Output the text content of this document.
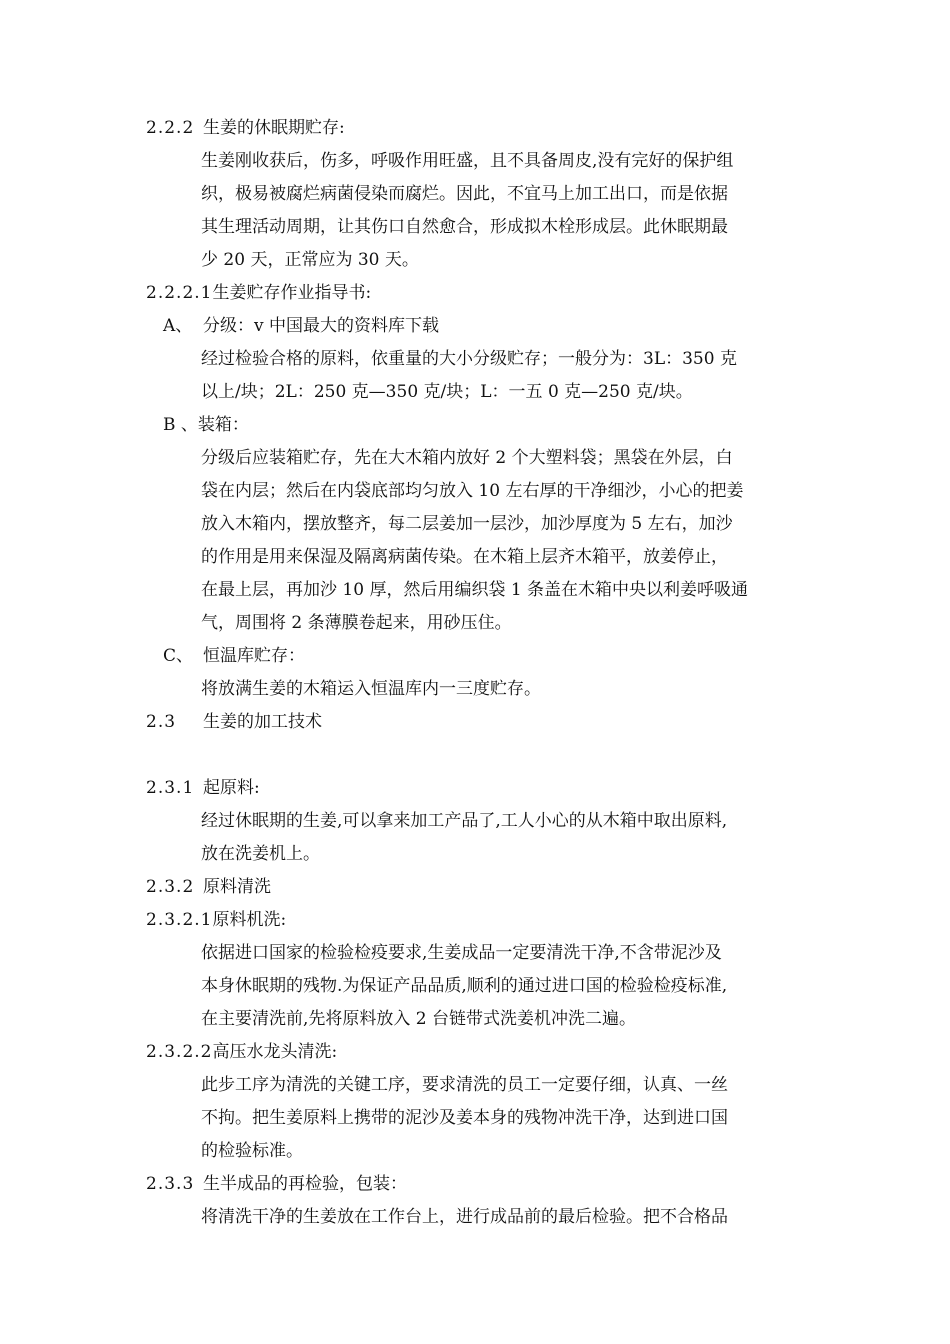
2.2.2 生姜的休眠期贮存:
生姜刚收获后，伤多，呼吸作用旺盛，且不具备周皮,没有完好的保护组
织，极易被腐烂病菌侵染而腐烂。因此，不宜马上加工出口，而是依据
其生理活动周期，让其伤口自然愈合，形成拟木栓形成层。此休眠期最
少 20 天，正常应为 30 天。
2.2.2.1生姜贮存作业指导书:
A、 分级：v 中国最大的资料库下载
经过检验合格的原料，依重量的大小分级贮存；一般分为：3L：350 克
以上/块；2L：250 克—350 克/块；L：一五 0 克—250 克/块。
B 、装箱：
分级后应装箱贮存，先在大木箱内放好 2 个大塑料袋；黑袋在外层，白
袋在内层；然后在内袋底部均匀放入 10 左右厚的干净细沙，小心的把姜
放入木箱内，摆放整齐，每二层姜加一层沙，加沙厚度为 5 左右，加沙
的作用是用来保湿及隔离病菌传染。在木箱上层齐木箱平，放姜停止，
在最上层，再加沙 10 厚，然后用编织袋 1 条盖在木箱中央以利姜呼吸通
气，周围将 2 条薄膜卷起来，用砂压住。
C、 恒温库贮存：
将放满生姜的木箱运入恒温库内一三度贮存。
2.3 生姜的加工技术
2.3.1 起原料:
经过休眠期的生姜,可以拿来加工产品了,工人小心的从木箱中取出原料,
放在洗姜机上。
2.3.2 原料清洗
2.3.2.1原料机洗:
依据进口国家的检验检疫要求,生姜成品一定要清洗干净,不含带泥沙及
本身休眠期的残物.为保证产品品质,顺利的通过进口国的检验检疫标准,
在主要清洗前,先将原料放入 2 台链带式洗姜机冲洗二遍。
2.3.2.2高压水龙头清洗:
此步工序为清洗的关键工序，要求清洗的员工一定要仔细，认真、一丝
不拘。把生姜原料上携带的泥沙及姜本身的残物冲洗干净，达到进口国
的检验标准。
2.3.3 生半成品的再检验，包装：
将清洗干净的生姜放在工作台上，进行成品前的最后检验。把不合格品
